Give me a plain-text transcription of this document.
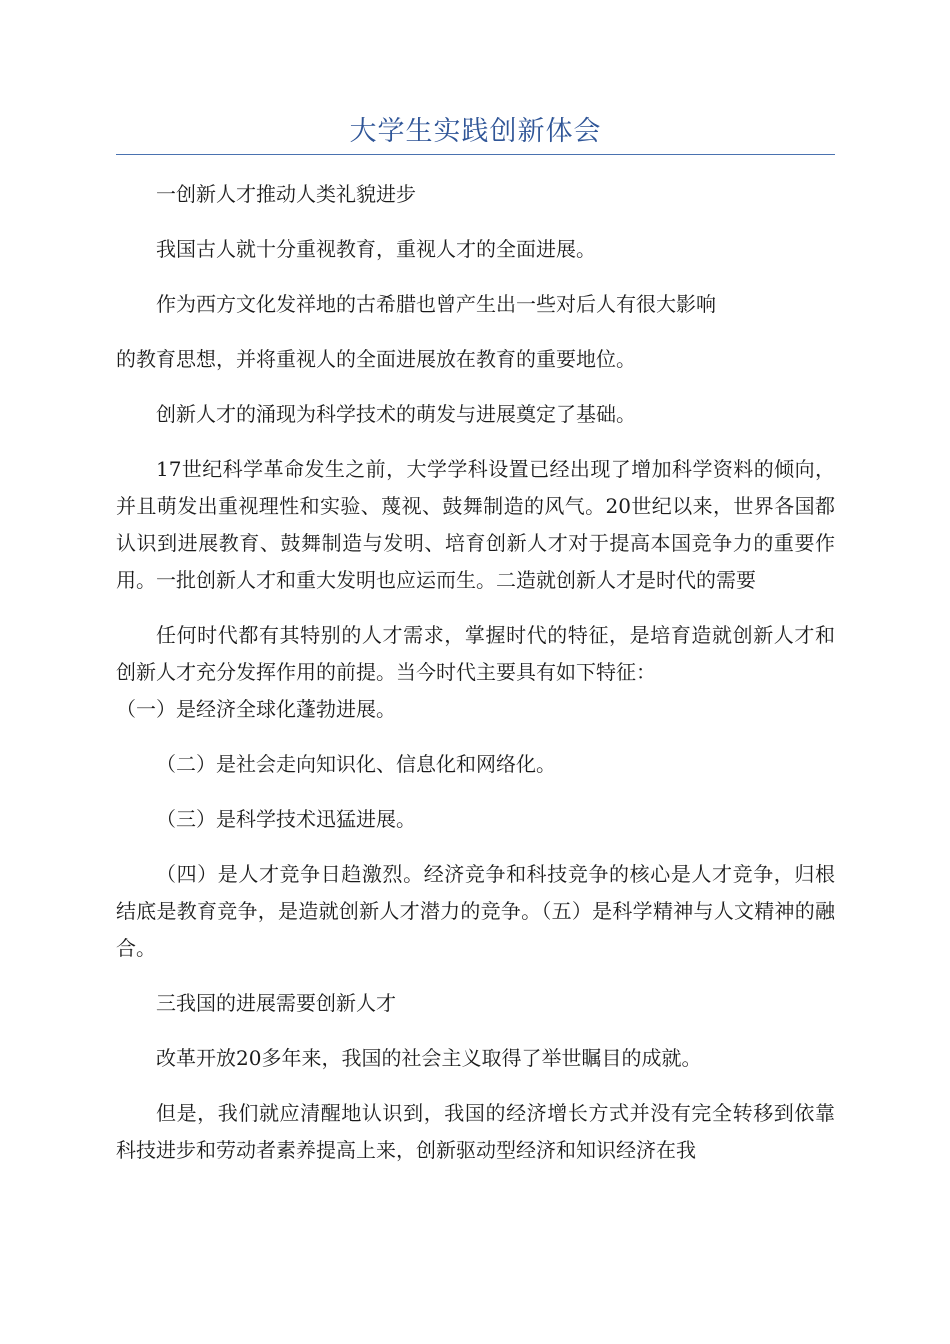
大学生实践创新体会

一创新人才推动人类礼貌进步

我国古人就十分重视教育，重视人才的全面进展。

作为西方文化发祥地的古希腊也曾产生出一些对后人有很大影响

的教育思想，并将重视人的全面进展放在教育的重要地位。

创新人才的涌现为科学技术的萌发与进展奠定了基础。

17世纪科学革命发生之前，大学学科设置已经出现了增加科学资料的倾向，并且萌发出重视理性和实验、蔑视、鼓舞制造的风气。20世纪以来，世界各国都认识到进展教育、鼓舞制造与发明、培育创新人才对于提高本国竞争力的重要作用。一批创新人才和重大发明也应运而生。二造就创新人才是时代的需要

任何时代都有其特别的人才需求，掌握时代的特征，是培育造就创新人才和创新人才充分发挥作用的前提。当今时代主要具有如下特征：

（一）是经济全球化蓬勃进展。

（二）是社会走向知识化、信息化和网络化。

（三）是科学技术迅猛进展。

（四）是人才竞争日趋激烈。经济竞争和科技竞争的核心是人才竞争，归根结底是教育竞争，是造就创新人才潜力的竞争。（五）是科学精神与人文精神的融合。

三我国的进展需要创新人才

改革开放20多年来，我国的社会主义取得了举世瞩目的成就。

但是，我们就应清醒地认识到，我国的经济增长方式并没有完全转移到依靠科技进步和劳动者素养提高上来，创新驱动型经济和知识经济在我
